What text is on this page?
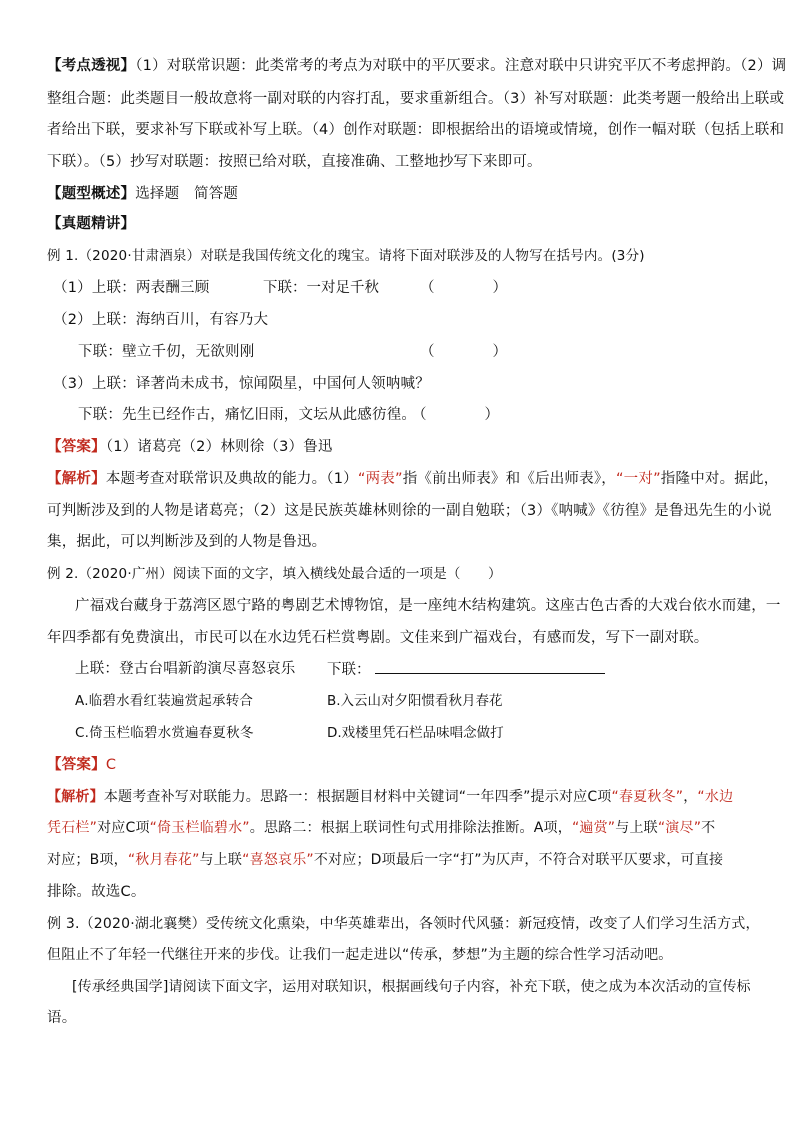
【考点透视】（1）对联常识题：此类常考的考点为对联中的平仄要求。注意对联中只讲究平仄不考虑押韵。（2）调
整组合题：此类题目一般故意将一副对联的内容打乱，要求重新组合。（3）补写对联题：此类考题一般给出上联或
者给出下联，要求补写下联或补写上联。（4）创作对联题：即根据给出的语境或情境，创作一幅对联（包括上联和
下联）。（5）抄写对联题：按照已给对联，直接准确、工整地抄写下来即可。
【题型概述】选择题　简答题
【真题精讲】
例 1.（2020·甘肃酒泉）对联是我国传统文化的瑰宝。请将下面对联涉及的人物写在括号内。(3分)
（1）上联：两表酬三顾	下联：一对足千秋	（　　　　）
（2）上联：海纳百川，有容乃大
下联：壁立千仞，无欲则刚	（　　　　）
（3）上联：译著尚未成书，惊闻陨星，中国何人领呐喊？
下联：先生已经作古，痛忆旧雨，文坛从此感彷徨。
（　　　　）
【答案】（1）诸葛亮（2）林则徐（3）鲁迅
【解析】本题考查对联常识及典故的能力。（1）“两表”指《前出师表》和《后出师表》，“一对”指隆中对。据此，
可判断涉及到的人物是诸葛亮；（2）这是民族英雄林则徐的一副自勉联；（3）《呐喊》《彷徨》是鲁迅先生的小说
集，据此，可以判断涉及到的人物是鲁迅。
例 2.（2020·广州）阅读下面的文字，填入横线处最合适的一项是（　　）
广福戏台藏身于荔湾区恩宁路的粤剧艺术博物馆，是一座纯木结构建筑。这座古色古香的大戏台依水而建，一
年四季都有免费演出，市民可以在水边凭石栏赏粤剧。文佳来到广福戏台，有感而发，写下一副对联。
上联：登古台唱新韵演尽喜怒哀乐	下联：
A.临碧水看红装遍赏起承转合	B.入云山对夕阳惯看秋月春花
C.倚玉栏临碧水赏遍春夏秋冬	D.戏楼里凭石栏品味唱念做打
【答案】C
【解析】本题考查补写对联能力。思路一：根据题目材料中关键词“一年四季”提示对应C项“春夏秋冬”，“水边
凭石栏”对应C项“倚玉栏临碧水”。思路二：根据上联词性句式用排除法推断。A项，“遍赏”与上联“演尽”不
对应；B项，“秋月春花”与上联“喜怒哀乐”不对应；D项最后一字“打”为仄声，不符合对联平仄要求，可直接
排除。故选C。
例 3.（2020·湖北襄樊）受传统文化熏染，中华英雄辈出，各领时代风骚：新冠疫情，改变了人们学习生活方式，
但阻止不了年轻一代继往开来的步伐。让我们一起走进以“传承，梦想”为主题的综合性学习活动吧。
[传承经典国学]请阅读下面文字，运用对联知识，根据画线句子内容，补充下联，使之成为本次活动的宣传标
语。
